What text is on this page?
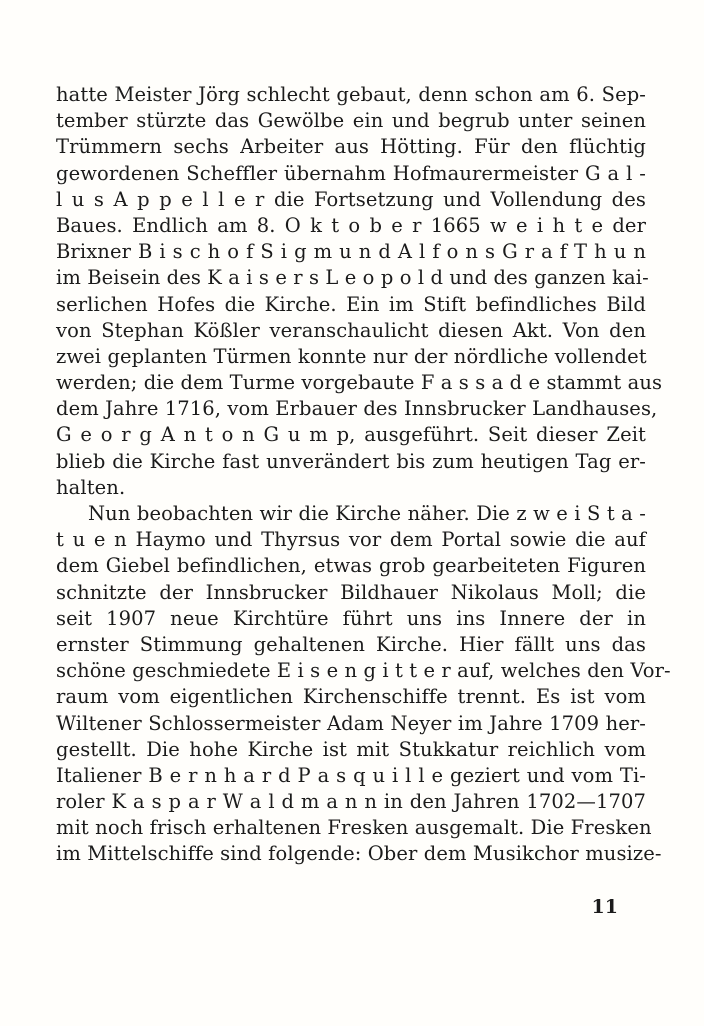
hatte Meister Jörg schlecht gebaut, denn schon am 6. Sep-
tember stürzte das Gewölbe ein und begrub unter seinen
Trümmern sechs Arbeiter aus Hötting. Für den flüchtig
gewordenen Scheffler übernahm Hofmaurermeister G a l -
l u s A p p e l l e r die Fortsetzung und Vollendung des
Baues. Endlich am 8. O k t o b e r 1665 w e i h t e der
Brixner B i s c h o f S i g m u n d A l f o n s G r a f T h u n
im Beisein des K a i s e r s L e o p o l d und des ganzen kai-
serlichen Hofes die Kirche. Ein im Stift befindliches Bild
von Stephan Kößler veranschaulicht diesen Akt. Von den
zwei geplanten Türmen konnte nur der nördliche vollendet
werden; die dem Turme vorgebaute F a s s a d e stammt aus
dem Jahre 1716, vom Erbauer des Innsbrucker Landhauses,
G e o r g A n t o n G u m p, ausgeführt. Seit dieser Zeit
blieb die Kirche fast unverändert bis zum heutigen Tag er-
halten.
Nun beobachten wir die Kirche näher. Die z w e i S t a -
t u e n Haymo und Thyrsus vor dem Portal sowie die auf
dem Giebel befindlichen, etwas grob gearbeiteten Figuren
schnitzte der Innsbrucker Bildhauer Nikolaus Moll; die
seit 1907 neue Kirchtüre führt uns ins Innere der in
ernster Stimmung gehaltenen Kirche. Hier fällt uns das
schöne geschmiedete E i s e n g i t t e r auf, welches den Vor-
raum vom eigentlichen Kirchenschiffe trennt. Es ist vom
Wiltener Schlossermeister Adam Neyer im Jahre 1709 her-
gestellt. Die hohe Kirche ist mit Stukkatur reichlich vom
Italiener B e r n h a r d P a s q u i l l e geziert und vom Ti-
roler K a s p a r W a l d m a n n in den Jahren 1702—1707
mit noch frisch erhaltenen Fresken ausgemalt. Die Fresken
im Mittelschiffe sind folgende: Ober dem Musikchor musize-
11
